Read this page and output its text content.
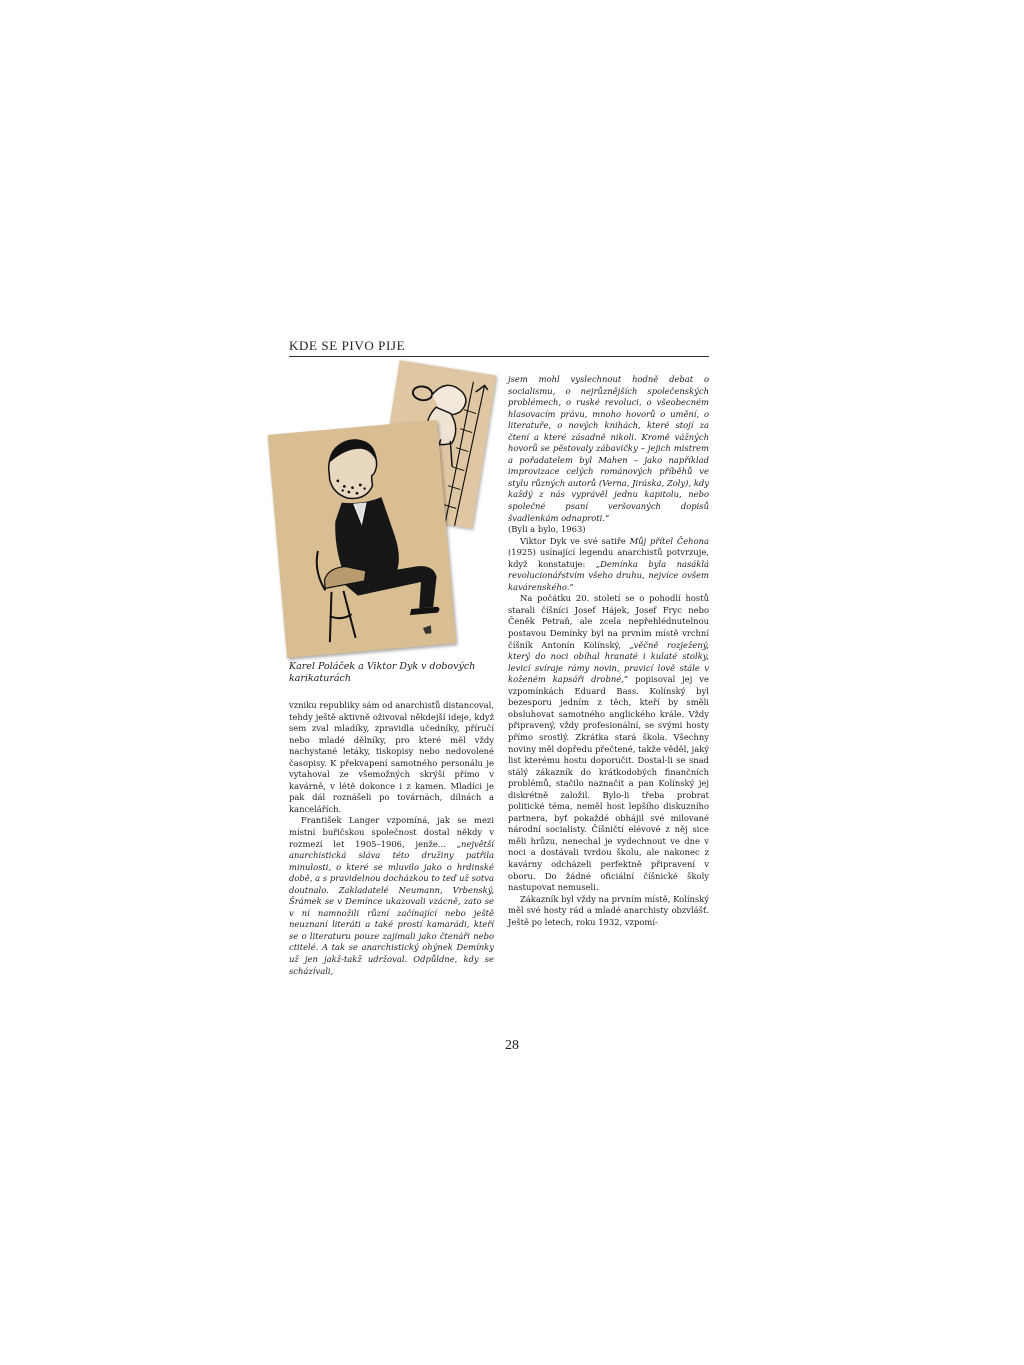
KDE SE PIVO PIJE
Karel Poláček a Viktor Dyk v dobových karikaturách

vzniku republiky sám od anarchistů distancoval, tehdy ještě aktivně oživoval někdejší ideje, když sem zval mladíky, zpravidla učedníky, příručí nebo mladé dělníky, pro které měl vždy nachystané letáky, tiskopisy nebo nedovolené časopisy. K překvapení samotného personálu je vytahoval ze všemožných skrýší přímo v kavárně, v létě dokonce i z kamen. Mladíci je pak dál roznášeli po továrnách, dílnách a kancelářích.

František Langer vzpomíná, jak se mezi místní buřičskou společnost dostal někdy v rozmezí let 1905–1906, jenže... „největší anarchistická sláva této družiny patřila minulosti, o které se mluvilo jako o hrdinské době, a s pravidelnou docházkou to teď už sotva doutnalo. Zakladatelé Neumann, Vrbenský, Šrámek se v Demínce ukazovali vzácně, zato se v ní namnožili různí začínající nebo ještě neuznaní literáti a také prostí kamarádi, kteří se o literaturu pouze zajímali jako čtenáři nebo ctitelé. A tak se anarchistický ohýnek Demínky už jen jakž-takž udržoval. Odpůldne, kdy se scházívali,

jsem mohl vyslechnout hodně debat o socialismu, o nejrůznějších společenských problémech, o ruské revoluci, o všeobecném hlasovacím právu, mnoho hovorů o umění, o literatuře, o nových knihách, které stojí za čtení a které zásadně nikoli. Kromě vážných hovorů se pěstovaly zábavičky – jejich mistrem a pořadatelem byl Mahen – jako například improvizace celých románových příběhů ve stylu různých autorů (Verna, Jiráska, Zoly), kdy každý z nás vyprávěl jednu kapitolu, nebo společné psaní veršovaných dopisů švadlenkám odnaproti.“
(Byli a bylo, 1963)

Viktor Dyk ve své satiře Můj přítel Čehona (1925) usínající legendu anarchistů potvrzuje, když konstatuje: „Demínka byla nasáklá revolucionářstvím všeho druhu, nejvíce ovšem kavárenského.“

Na počátku 20. století se o pohodlí hostů starali číšníci Josef Hájek, Josef Fryc nebo Čeněk Petraň, ale zcela nepřehlédnutelnou postavou Demínky byl na prvním místě vrchní číšník Antonín Kolínský, „věčně rozježený, který do noci obíhal hranaté i kulaté stolky, levicí svíraje rámy novin, pravicí lově stále v koženém kapsáři drobné,“ popisoval jej ve vzpomínkách Eduard Bass. Kolínský byl bezesporu jedním z těch, kteří by směli obsluhovat samotného anglického krále. Vždy připravený, vždy profesionální, se svými hosty přímo srostlý. Zkrátka stará škola. Všechny noviny měl dopředu přečtené, takže věděl, jaký list kterému hostu doporučit. Dostal-li se snad stálý zákazník do krátkodobých finančních problémů, stačilo naznačit a pan Kolínský jej diskrétně založil. Bylo-li třeba probrat politické téma, neměl host lepšího diskuzního partnera, byť pokaždé obhájil své milované národní socialisty. Číšničtí elévové z něj sice měli hrůzu, nenechal je vydechnout ve dne v noci a dostávali tvrdou školu, ale nakonec z kavárny odcházeli perfektně připravení v oboru. Do žádné oficiální číšnické školy nastupovat nemuseli.

Zákazník byl vždy na prvním místě, Kolínský měl své hosty rád a mladé anarchisty obzvlášť. Ještě po letech, roku 1932, vzpomí-

28
